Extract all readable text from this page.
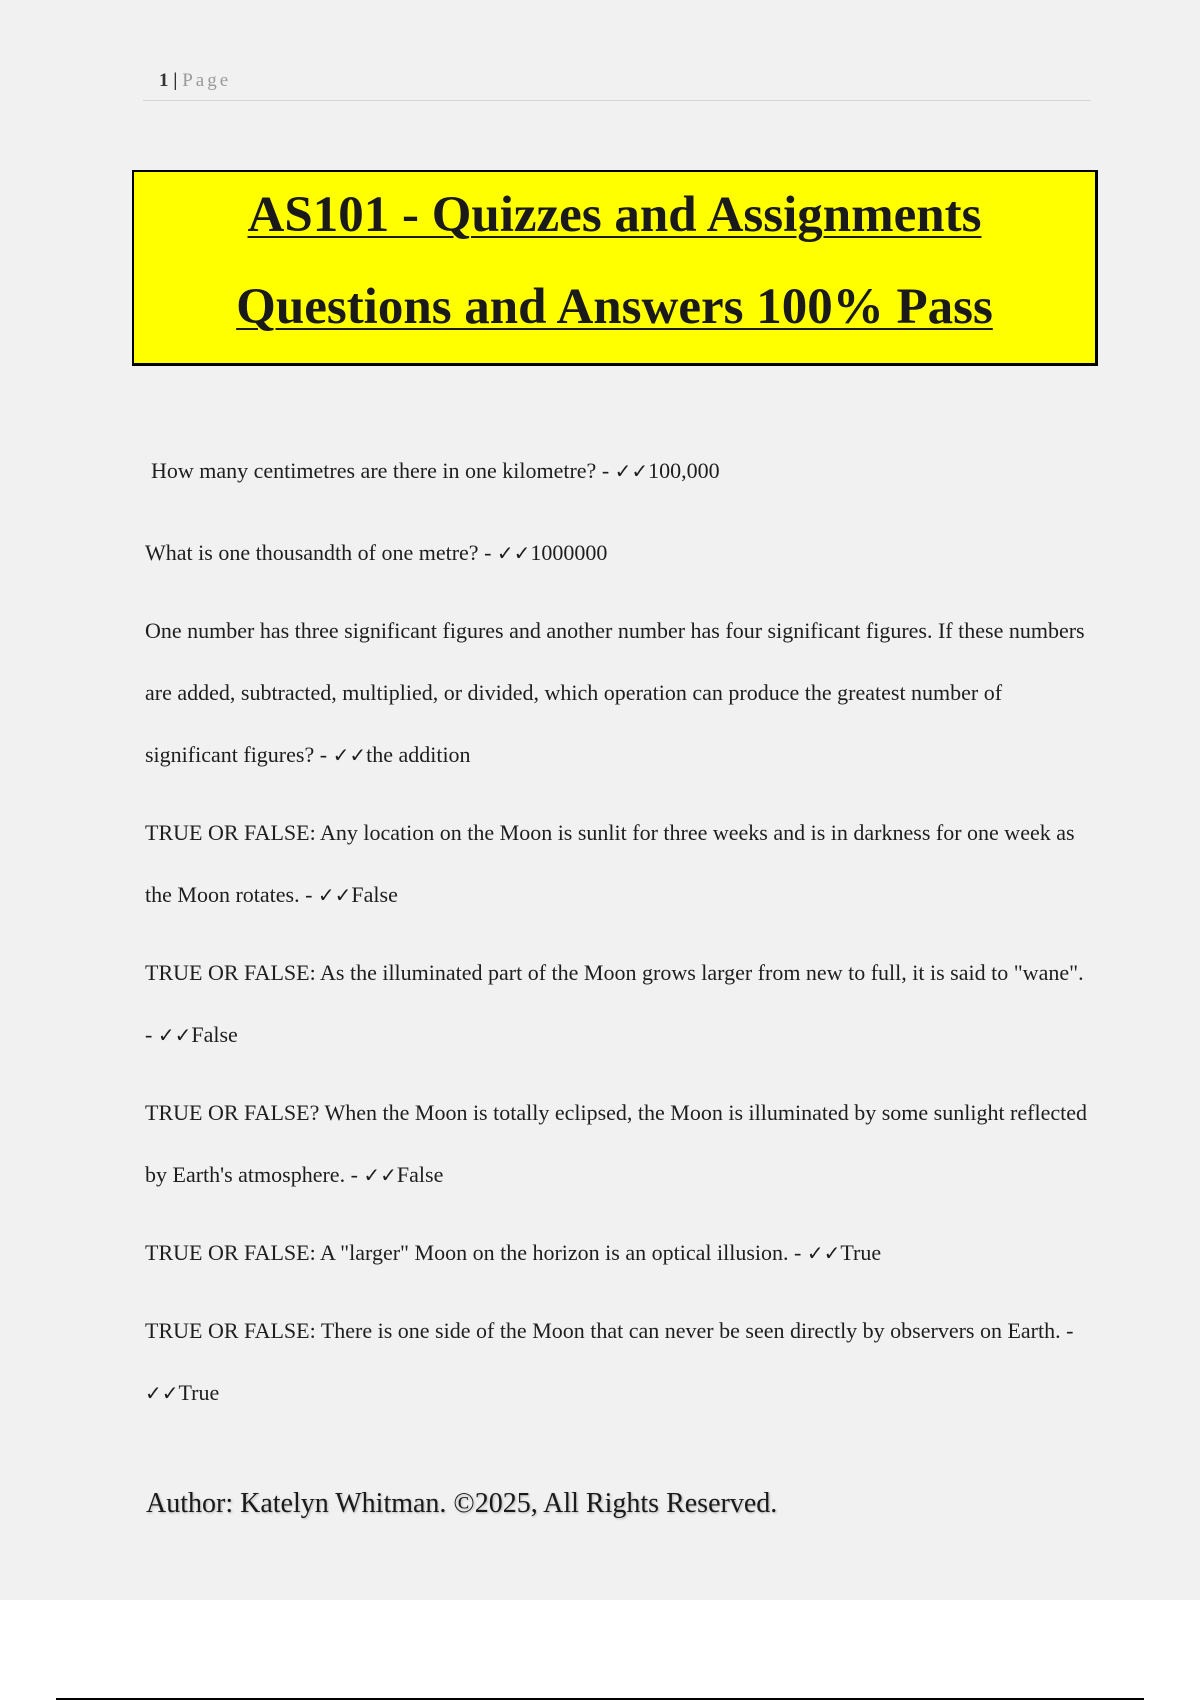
1 | Page
AS101 - Quizzes and Assignments
Questions and Answers 100% Pass

How many centimetres are there in one kilometre? - ✓✓100,000

What is one thousandth of one metre? - ✓✓1000000

One number has three significant figures and another number has four significant figures. If these numbers are added, subtracted, multiplied, or divided, which operation can produce the greatest number of significant figures? - ✓✓the addition

TRUE OR FALSE: Any location on the Moon is sunlit for three weeks and is in darkness for one week as the Moon rotates. - ✓✓False

TRUE OR FALSE: As the illuminated part of the Moon grows larger from new to full, it is said to "wane". - ✓✓False

TRUE OR FALSE? When the Moon is totally eclipsed, the Moon is illuminated by some sunlight reflected by Earth's atmosphere. - ✓✓False

TRUE OR FALSE: A "larger" Moon on the horizon is an optical illusion. - ✓✓True

TRUE OR FALSE: There is one side of the Moon that can never be seen directly by observers on Earth. - ✓✓True

Author: Katelyn Whitman. ©2025, All Rights Reserved.
